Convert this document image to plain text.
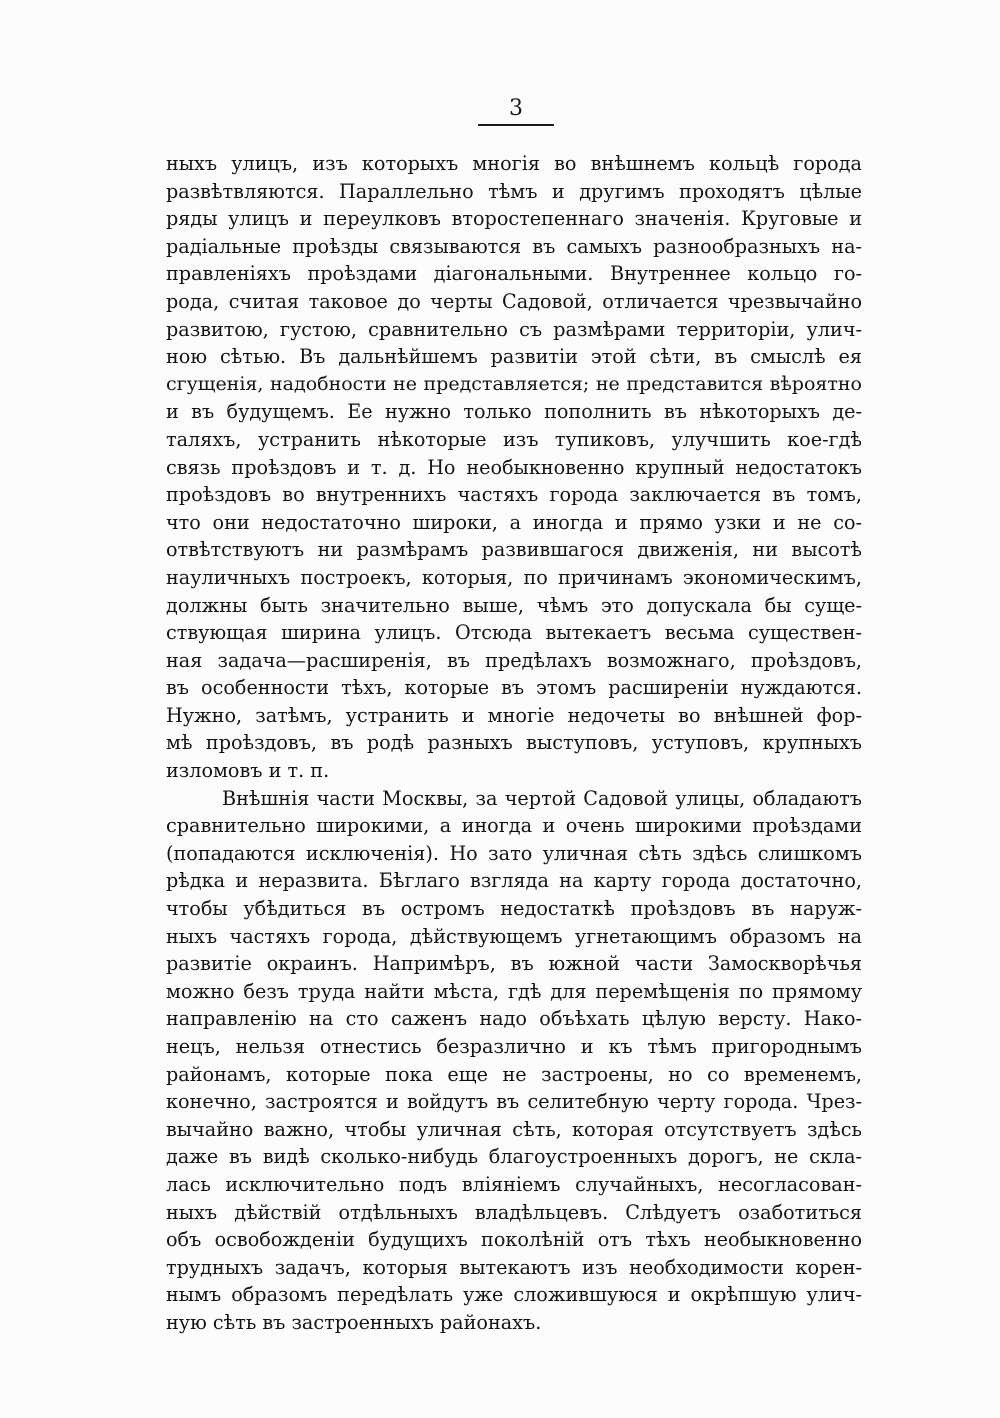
3
ныхъ улицъ, изъ которыхъ многія во внѣшнемъ кольцѣ города
развѣтвляются. Параллельно тѣмъ и другимъ проходятъ цѣлые
ряды улицъ и переулковъ второстепеннаго значенія. Круговые и
радіальные проѣзды связываются въ самыхъ разнообразныхъ на-
правленіяхъ проѣздами діагональными. Внутреннее кольцо го-
рода, считая таковое до черты Садовой, отличается чрезвычайно
развитою, густою, сравнительно съ размѣрами территоріи, улич-
ною сѣтью. Въ дальнѣйшемъ развитіи этой сѣти, въ смыслѣ ея
сгущенія, надобности не представляется; не представится вѣроятно
и въ будущемъ. Ее нужно только пополнить въ нѣкоторыхъ де-
таляхъ, устранить нѣкоторые изъ тупиковъ, улучшить кое-гдѣ
связь проѣздовъ и т. д. Но необыкновенно крупный недостатокъ
проѣздовъ во внутреннихъ частяхъ города заключается въ томъ,
что они недостаточно широки, а иногда и прямо узки и не со-
отвѣтствуютъ ни размѣрамъ развившагося движенія, ни высотѣ
науличныхъ построекъ, которыя, по причинамъ экономическимъ,
должны быть значительно выше, чѣмъ это допускала бы суще-
ствующая ширина улицъ. Отсюда вытекаетъ весьма существен-
ная задача—расширенія, въ предѣлахъ возможнаго, проѣздовъ,
въ особенности тѣхъ, которые въ этомъ расширеніи нуждаются.
Нужно, затѣмъ, устранить и многіе недочеты во внѣшней фор-
мѣ проѣздовъ, въ родѣ разныхъ выступовъ, уступовъ, крупныхъ
изломовъ и т. п.
Внѣшнія части Москвы, за чертой Садовой улицы, обладаютъ
сравнительно широкими, а иногда и очень широкими проѣздами
(попадаются исключенія). Но зато уличная сѣть здѣсь слишкомъ
рѣдка и неразвита. Бѣглаго взгляда на карту города достаточно,
чтобы убѣдиться въ остромъ недостаткѣ проѣздовъ въ наруж-
ныхъ частяхъ города, дѣйствующемъ угнетающимъ образомъ на
развитіе окраинъ. Напримѣръ, въ южной части Замоскворѣчья
можно безъ труда найти мѣста, гдѣ для перемѣщенія по прямому
направленію на сто саженъ надо объѣхать цѣлую версту. Нако-
нецъ, нельзя отнестись безразлично и къ тѣмъ пригороднымъ
районамъ, которые пока еще не застроены, но со временемъ,
конечно, застроятся и войдутъ въ селитебную черту города. Чрез-
вычайно важно, чтобы уличная сѣть, которая отсутствуетъ здѣсь
даже въ видѣ сколько-нибудь благоустроенныхъ дорогъ, не скла-
лась исключительно подъ вліяніемъ случайныхъ, несогласован-
ныхъ дѣйствій отдѣльныхъ владѣльцевъ. Слѣдуетъ озаботиться
объ освобожденіи будущихъ поколѣній отъ тѣхъ необыкновенно
трудныхъ задачъ, которыя вытекаютъ изъ необходимости корен-
нымъ образомъ передѣлать уже сложившуюся и окрѣпшую улич-
ную сѣть въ застроенныхъ районахъ.
